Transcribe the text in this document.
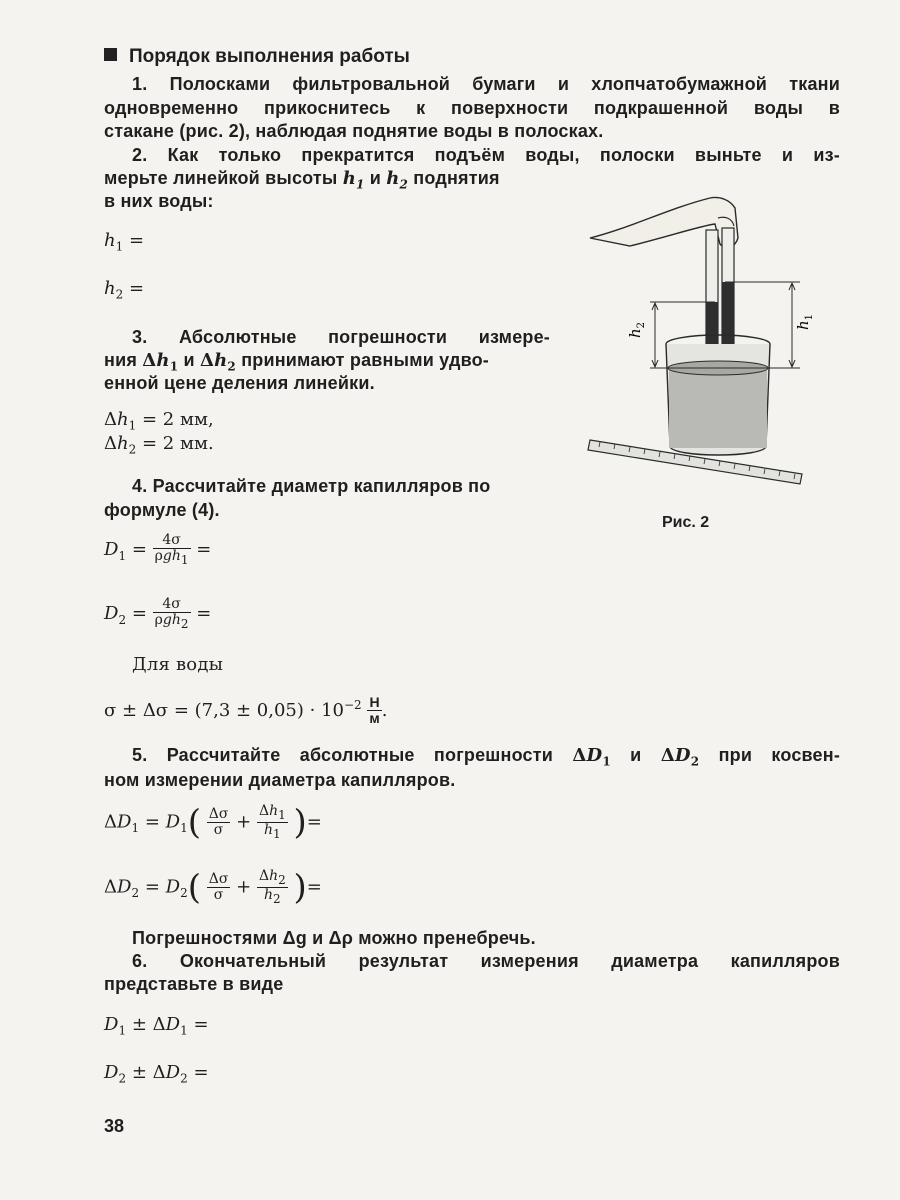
Порядок выполнения работы
1. Полосками фильтровальной бумаги и хлопчатобумажной ткани
одновременно прикоснитесь к поверхности подкрашенной воды в
стакане (рис. 2), наблюдая поднятие воды в полосках.
2. Как только прекратится подъём воды, полоски выньте и из-
мерьте линейкой высоты $h_1$ и $h_2$ поднятия
в них воды:
$h_1$ =
$h_2$ =
3. Абсолютные погрешности измере-
ния $\Delta h_1$ и $\Delta h_2$ принимают равными удво-
енной цене деления линейки.
$\Delta h_1 = 2$ мм,
$\Delta h_2 = 2$ мм.
4. Рассчитайте диаметр капилляров по
формуле (4).
$D_1 = \frac{4\sigma}{\rho gh_1}$ =
$D_2 = \frac{4\sigma}{\rho gh_2}$ =
Для воды
$\sigma \pm \Delta\sigma = (7,3 \pm 0,05) \cdot 10^{-2} \frac{Н}{м}$ .
5. Рассчитайте абсолютные погрешности $\Delta D_1$ и $\Delta D_2$ при косвен-
ном измерении диаметра капилляров.
$\Delta D_1 = D_1( \frac{\Delta\sigma}{\sigma} + \frac{\Delta h_1}{h_1}$ )=
$\Delta D_2 = D_2( \frac{\Delta\sigma}{\sigma} + \frac{\Delta h_2}{h_2}$ )=
Погрешностями Δg и Δρ можно пренебречь.
6. Окончательный результат измерения диаметра капилляров
представьте в виде
$D_1 \pm \Delta D_1$ =
$D_2 \pm \Delta D_2$ =
38
$h_2$	$h_1$
Рис. 2
